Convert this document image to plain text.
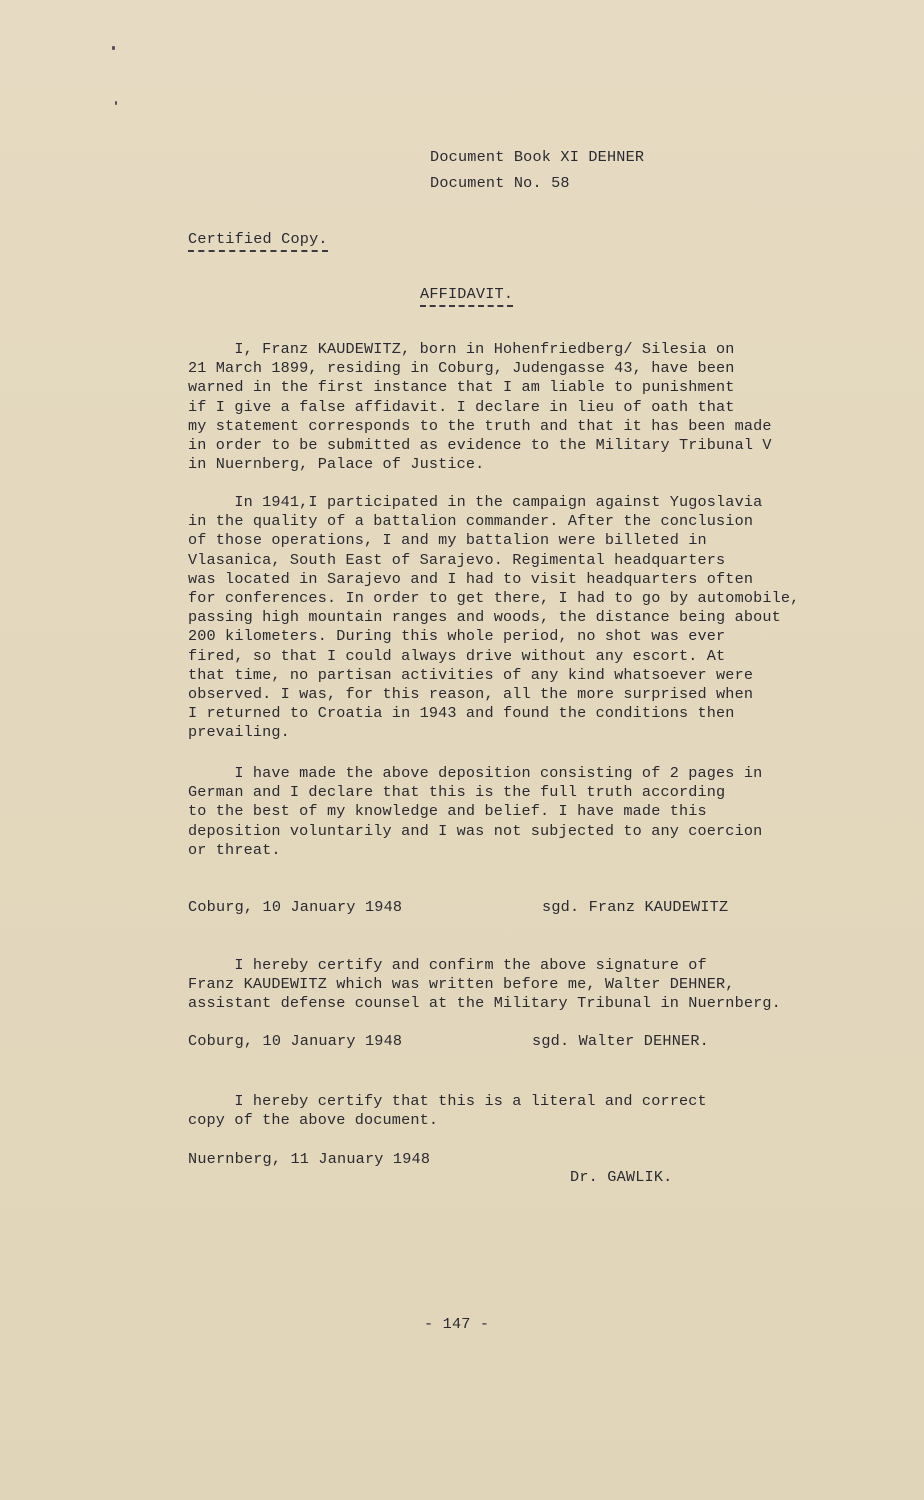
Document Book XI DEHNER
Document No. 58
Certified Copy.
AFFIDAVIT.
I, Franz KAUDEWITZ, born in Hohenfriedberg/ Silesia on
21 March 1899, residing in Coburg, Judengasse 43, have been
warned in the first instance that I am liable to punishment
if I give a false affidavit. I declare in lieu of oath that
my statement corresponds to the truth and that it has been made
in order to be submitted as evidence to the Military Tribunal V
in Nuernberg, Palace of Justice.
In 1941,I participated in the campaign against Yugoslavia
in the quality of a battalion commander. After the conclusion
of those operations, I and my battalion were billeted in
Vlasanica, South East of Sarajevo. Regimental headquarters
was located in Sarajevo and I had to visit headquarters often
for conferences. In order to get there, I had to go by automobile,
passing high mountain ranges and woods, the distance being about
200 kilometers. During this whole period, no shot was ever
fired, so that I could always drive without any escort. At
that time, no partisan activities of any kind whatsoever were
observed. I was, for this reason, all the more surprised when
I returned to Croatia in 1943 and found the conditions then
prevailing.
I have made the above deposition consisting of 2 pages in
German and I declare that this is the full truth according
to the best of my knowledge and belief. I have made this
deposition voluntarily and I was not subjected to any coercion
or threat.
Coburg, 10 January 1948	sgd. Franz KAUDEWITZ
I hereby certify and confirm the above signature of
Franz KAUDEWITZ which was written before me, Walter DEHNER,
assistant defense counsel at the Military Tribunal in Nuernberg.
Coburg, 10 January 1948	sgd. Walter DEHNER.
I hereby certify that this is a literal and correct
copy of the above document.
Nuernberg, 11 January 1948
Dr. GAWLIK.
- 147 -
